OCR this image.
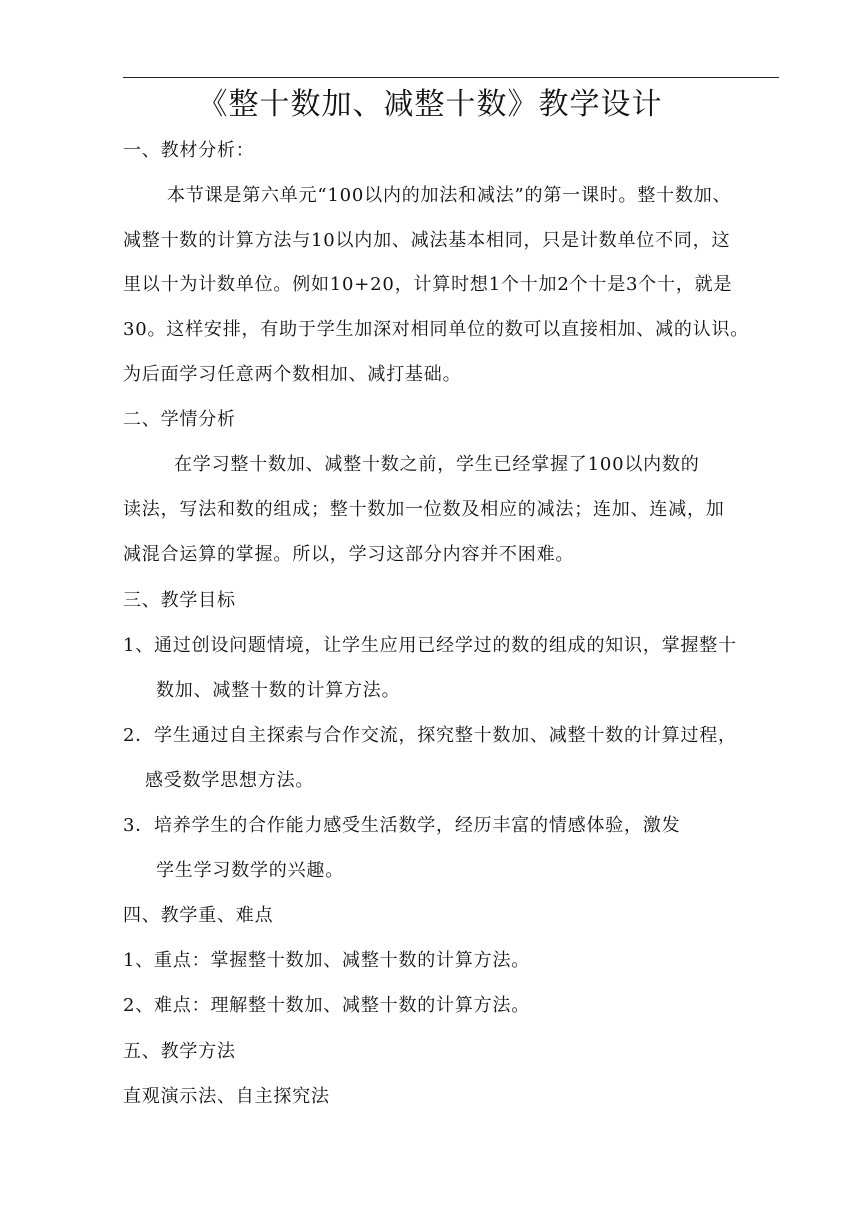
《整十数加、减整十数》教学设计
一、教材分析：
本节课是第六单元“100以内的加法和减法”的第一课时。整十数加、
减整十数的计算方法与10以内加、减法基本相同，只是计数单位不同，这
里以十为计数单位。例如10+20，计算时想1个十加2个十是3个十，就是
30。这样安排，有助于学生加深对相同单位的数可以直接相加、减的认识。
为后面学习任意两个数相加、减打基础。
二、学情分析
在学习整十数加、减整十数之前，学生已经掌握了100以内数的
读法，写法和数的组成；整十数加一位数及相应的减法；连加、连减，加
减混合运算的掌握。所以，学习这部分内容并不困难。
三、教学目标
1、通过创设问题情境，让学生应用已经学过的数的组成的知识，掌握整十
数加、减整十数的计算方法。
2．学生通过自主探索与合作交流，探究整十数加、减整十数的计算过程，
感受数学思想方法。
3．培养学生的合作能力感受生活数学，经历丰富的情感体验，激发
学生学习数学的兴趣。
四、教学重、难点
1、重点：掌握整十数加、减整十数的计算方法。
2、难点：理解整十数加、减整十数的计算方法。
五、教学方法
直观演示法、自主探究法
